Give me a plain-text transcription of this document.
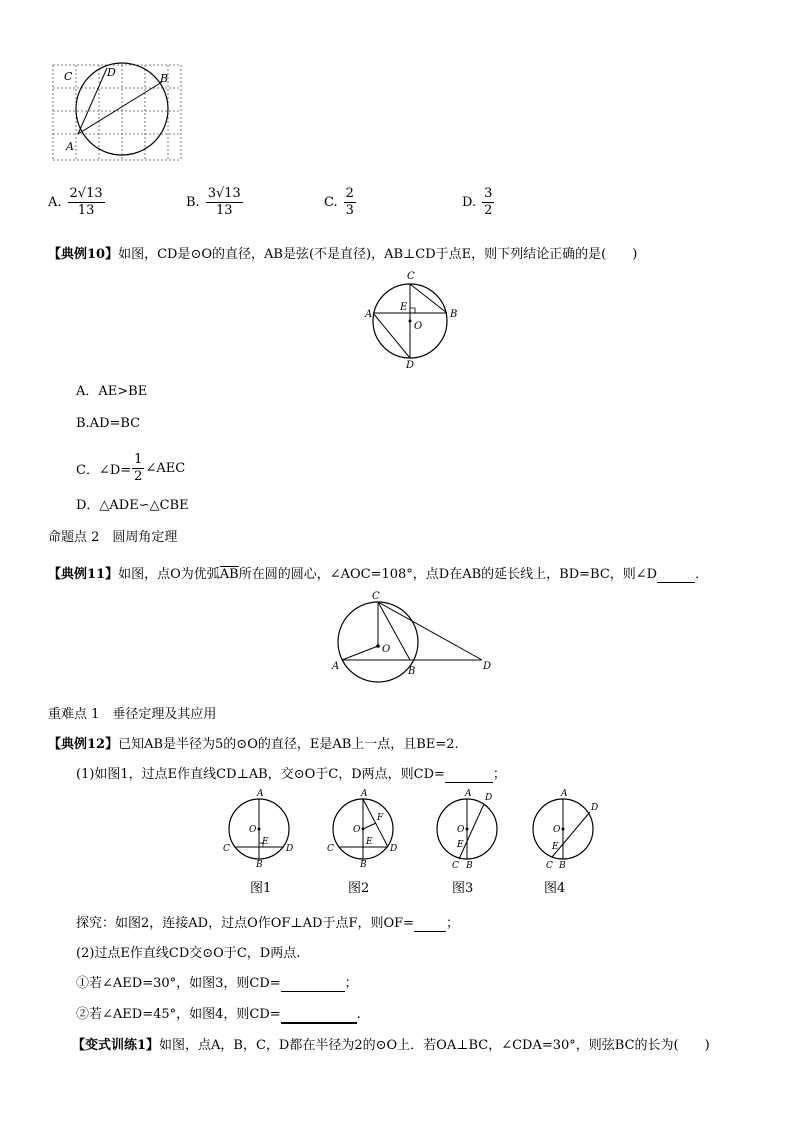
C	D	B
A
A. $\frac{2√13}{13}$	B. $\frac{3√13}{13}$	C. $\frac{2}{3}$	D. $\frac{3}{2}$
【典例10】如图，CD是⊙O的直径，AB是弦(不是直径)，AB⊥CD于点E，则下列结论正确的是(　　)
C
E
A	B
O
D
A．AE>BE
B.AD=BC
C．∠D= $\frac{1}{2}$ ∠AEC
D．△ADE∽△CBE
命题点 2　圆周角定理
【典例11】如图，点O为优弧$\overline{AB}$所在圆的圆心，∠AOC=108°，点D在AB的延长线上，BD=BC，则∠D	．
C
O
A	B	D
重难点 1　垂径定理及其应用
【典例12】已知AB是半径为5的⊙O的直径，E是AB上一点，且BE=2.
(1)如图1，过点E作直线CD⊥AB，交⊙O于C，D两点，则CD=	；
A
O
E
C	D
B
A
O
F
E
C	D
B
A D
O
E
C B
A
D
O
E
C B
图1	图2	图3	图4
探究：如图2，连接AD，过点O作OF⊥AD于点F，则OF= ；
(2)过点E作直线CD交⊙O于C，D两点.
①若∠AED=30°，如图3，则CD=	；
②若∠AED=45°，如图4，则CD=	.
【变式训练1】如图，点A，B，C，D都在半径为2的⊙O上．若OA⊥BC，∠CDA=30°，则弦BC的长为(　　)
